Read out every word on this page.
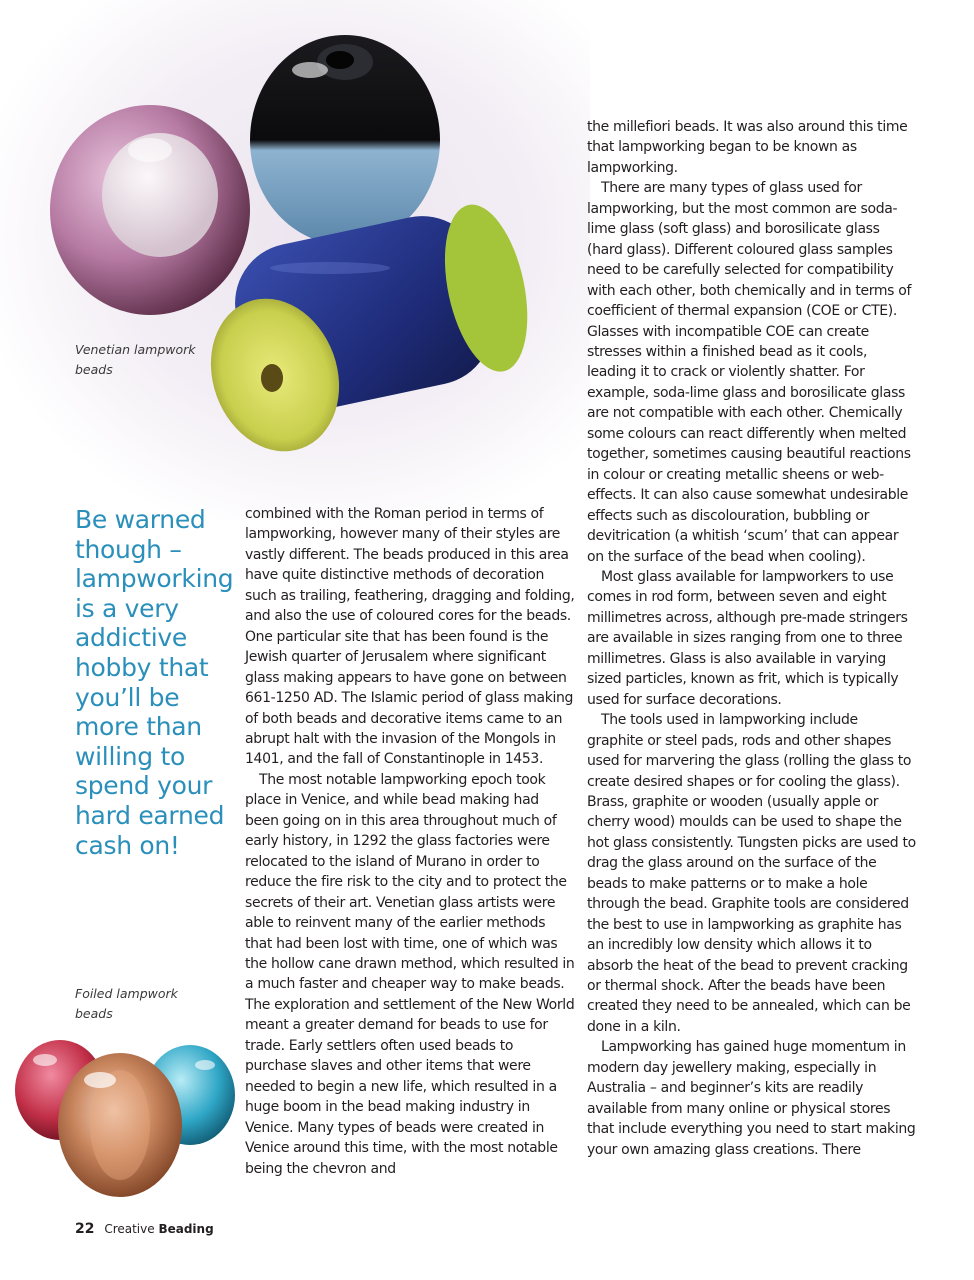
Venetian lampwork beads
Be warned though – lampworking is a very addictive hobby that you’ll be more than willing to spend your hard earned cash on!
Foiled lampwork beads

combined with the Roman period in terms of lampworking, however many of their styles are vastly different. The beads produced in this area have quite distinctive methods of decoration such as trailing, feathering, dragging and folding, and also the use of coloured cores for the beads. One particular site that has been found is the Jewish quarter of Jerusalem where significant glass making appears to have gone on between 661-1250 AD. The Islamic period of glass making of both beads and decorative items came to an abrupt halt with the invasion of the Mongols in 1401, and the fall of Constantinople in 1453.

The most notable lampworking epoch took place in Venice, and while bead making had been going on in this area throughout much of early history, in 1292 the glass factories were relocated to the island of Murano in order to reduce the fire risk to the city and to protect the secrets of their art. Venetian glass artists were able to reinvent many of the earlier methods that had been lost with time, one of which was the hollow cane drawn method, which resulted in a much faster and cheaper way to make beads. The exploration and settlement of the New World meant a greater demand for beads to use for trade. Early settlers often used beads to purchase slaves and other items that were needed to begin a new life, which resulted in a huge boom in the bead making industry in Venice. Many types of beads were created in Venice around this time, with the most notable being the chevron and

the millefiori beads. It was also around this time that lampworking began to be known as lampworking.

There are many types of glass used for lampworking, but the most common are soda-lime glass (soft glass) and borosilicate glass (hard glass). Different coloured glass samples need to be carefully selected for compatibility with each other, both chemically and in terms of coefficient of thermal expansion (COE or CTE). Glasses with incompatible COE can create stresses within a finished bead as it cools, leading it to crack or violently shatter. For example, soda-lime glass and borosilicate glass are not compatible with each other. Chemically some colours can react differently when melted together, sometimes causing beautiful reactions in colour or creating metallic sheens or web-effects. It can also cause somewhat undesirable effects such as discolouration, bubbling or devitrication (a whitish ‘scum’ that can appear on the surface of the bead when cooling).

Most glass available for lampworkers to use comes in rod form, between seven and eight millimetres across, although pre-made stringers are available in sizes ranging from one to three millimetres. Glass is also available in varying sized particles, known as frit, which is typically used for surface decorations.

The tools used in lampworking include graphite or steel pads, rods and other shapes used for marvering the glass (rolling the glass to create desired shapes or for cooling the glass). Brass, graphite or wooden (usually apple or cherry wood) moulds can be used to shape the hot glass consistently. Tungsten picks are used to drag the glass around on the surface of the beads to make patterns or to make a hole through the bead. Graphite tools are considered the best to use in lampworking as graphite has an incredibly low density which allows it to absorb the heat of the bead to prevent cracking or thermal shock. After the beads have been created they need to be annealed, which can be done in a kiln.

Lampworking has gained huge momentum in modern day jewellery making, especially in Australia – and beginner’s kits are readily available from many online or physical stores that include everything you need to start making your own amazing glass creations. There

22 Creative Beading
